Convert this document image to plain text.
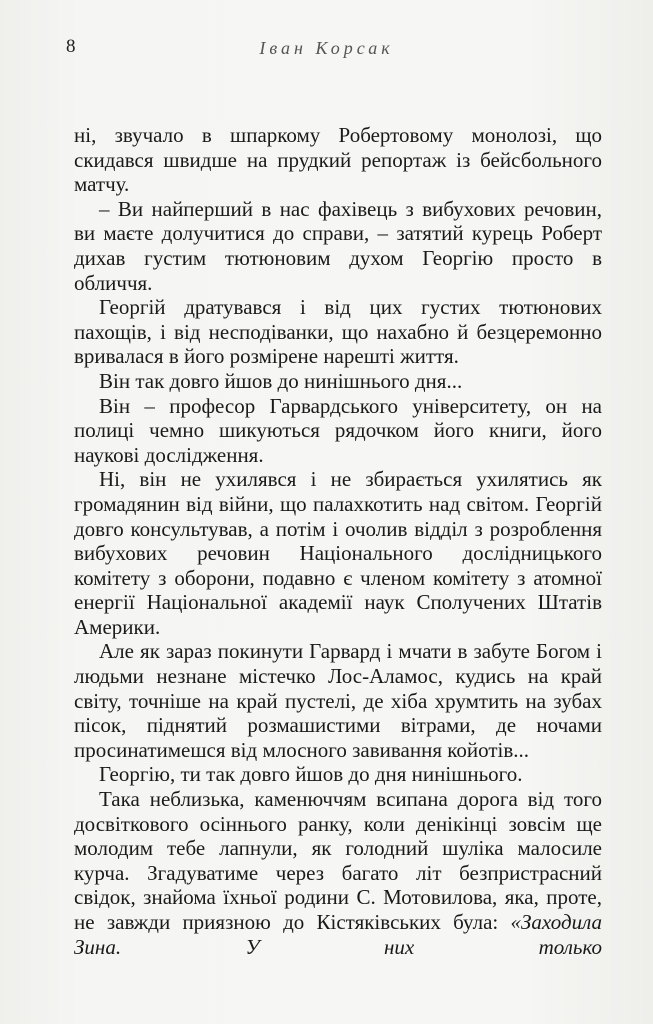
8	Іван Корсак

ні, звучало в шпаркому Робертовому монолозі, що скидався швидше на прудкий репортаж із бейсбольного матчу.

– Ви найперший в нас фахівець з вибухових речовин, ви маєте долучитися до справи, – затятий курець Роберт дихав густим тютюновим духом Георгію просто в обличчя.

Георгій дратувався і від цих густих тютюнових пахощів, і від несподіванки, що нахабно й безцеремонно вривалася в його розмірене нарешті життя.

Він так довго йшов до нинішнього дня...

Він – професор Гарвардського університету, он на полиці чемно шикуються рядочком його книги, його наукові дослідження.

Ні, він не ухилявся і не збирається ухилятись як громадянин від війни, що палахкотить над світом. Георгій довго консультував, а потім і очолив відділ з розроблення вибухових речовин Національного дослідницького комітету з оборони, подавно є членом комітету з атомної енергії Національної академії наук Сполучених Штатів Америки.

Але як зараз покинути Гарвард і мчати в забуте Богом і людьми незнане містечко Лос-Аламос, кудись на край світу, точніше на край пустелі, де хіба хрумтить на зубах пісок, піднятий розмашистими вітрами, де ночами просинатимешся від млосного завивання койотів...

Георгію, ти так довго йшов до дня нинішнього.

Така неблизька, каменюччям всипана дорога від того досвіткового осіннього ранку, коли денікінці зовсім ще молодим тебе лапнули, як голодний шуліка малосиле курча. Згадуватиме через багато літ безпристрасний свідок, знайома їхньої родини С. Мотовилова, яка, проте, не завжди приязною до Кістяківських була: «Заходила Зина. У них только
